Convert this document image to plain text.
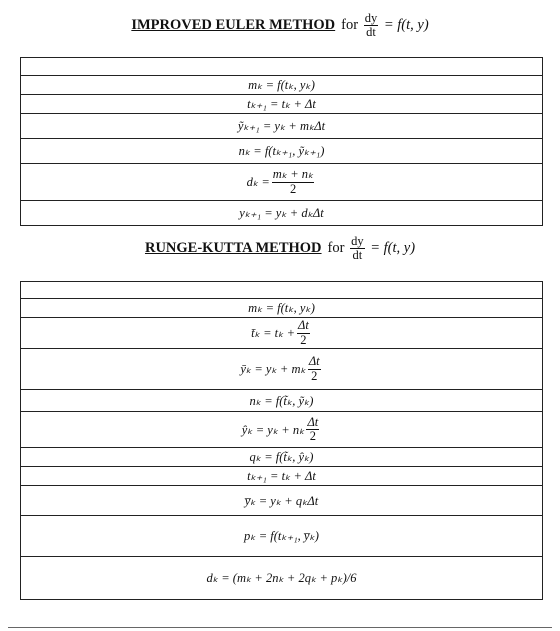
IMPROVED EULER METHOD for $\frac{dy}{dt} = f(t$, y)

mₖ = f(tₖ, yₖ)
tₖ₊₁ = tₖ + Δt
ỹₖ₊₁ = yₖ + mₖΔt
nₖ = f(tₖ₊₁, ỹₖ₊₁)
$d_k = \frac{\text{mₖ + nₖ}}{2}$

yₖ₊₁ = yₖ + dₖΔt
RUNGE-KUTTA METHOD for $\frac{dy}{dt} = f(t$, y)

mₖ = f(tₖ, yₖ)
t̄ₖ = $t_k + \frac{\Delta t}{2}$

ȳₖ = yₖ + mₖ $\frac{\Delta t}{2}$

nₖ = f(t̃ₖ, ỹₖ)
ŷₖ = yₖ + nₖ $\frac{\Delta t}{2}$

qₖ = f(t̃ₖ, ŷₖ)
tₖ₊₁ = tₖ + Δt
y̅ₖ = yₖ + qₖΔt
pₖ = f(tₖ₊₁, y̅ₖ)
dₖ = (mₖ + 2nₖ + 2qₖ + pₖ)/6
